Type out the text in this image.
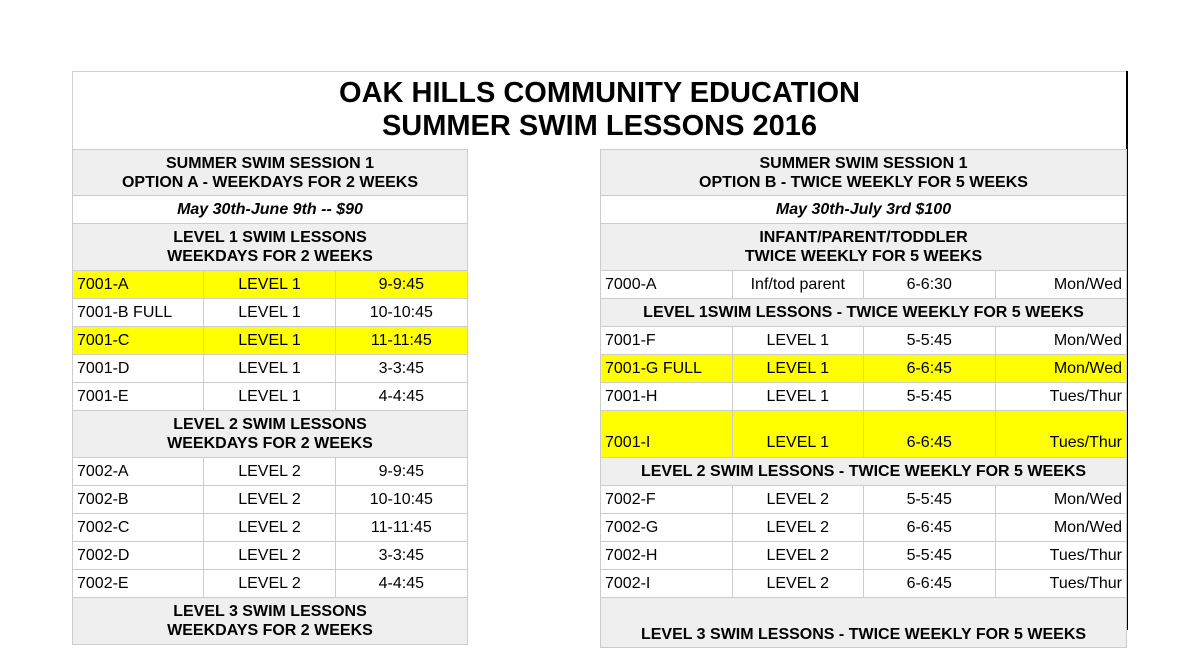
OAK HILLS COMMUNITY EDUCATION
SUMMER SWIM LESSONS 2016
SUMMER SWIM SESSION 1
OPTION A - WEEKDAYS FOR 2 WEEKS
May 30th-June 9th -- $90
LEVEL 1 SWIM LESSONS
WEEKDAYS FOR 2 WEEKS
7001-A	LEVEL 1	9-9:45
7001-B FULL	LEVEL 1	10-10:45
7001-C	LEVEL 1	11-11:45
7001-D	LEVEL 1	3-3:45
7001-E	LEVEL 1	4-4:45
LEVEL 2 SWIM LESSONS
WEEKDAYS FOR 2 WEEKS
7002-A	LEVEL 2	9-9:45
7002-B	LEVEL 2	10-10:45
7002-C	LEVEL 2	11-11:45
7002-D	LEVEL 2	3-3:45
7002-E	LEVEL 2	4-4:45
LEVEL 3 SWIM LESSONS
WEEKDAYS FOR 2 WEEKS
SUMMER SWIM SESSION 1
OPTION B - TWICE WEEKLY FOR 5 WEEKS
May 30th-July 3rd $100
INFANT/PARENT/TODDLER
TWICE WEEKLY FOR 5 WEEKS
7000-A	Inf/tod parent	6-6:30	Mon/Wed
LEVEL 1SWIM LESSONS - TWICE WEEKLY FOR 5 WEEKS
7001-F	LEVEL 1	5-5:45	Mon/Wed
7001-G FULL	LEVEL 1	6-6:45	Mon/Wed
7001-H	LEVEL 1	5-5:45	Tues/Thur
7001-I	LEVEL 1	6-6:45	Tues/Thur
LEVEL 2 SWIM LESSONS - TWICE WEEKLY FOR 5 WEEKS
7002-F	LEVEL 2	5-5:45	Mon/Wed
7002-G	LEVEL 2	6-6:45	Mon/Wed
7002-H	LEVEL 2	5-5:45	Tues/Thur
7002-I	LEVEL 2	6-6:45	Tues/Thur
LEVEL 3 SWIM LESSONS - TWICE WEEKLY FOR 5 WEEKS
